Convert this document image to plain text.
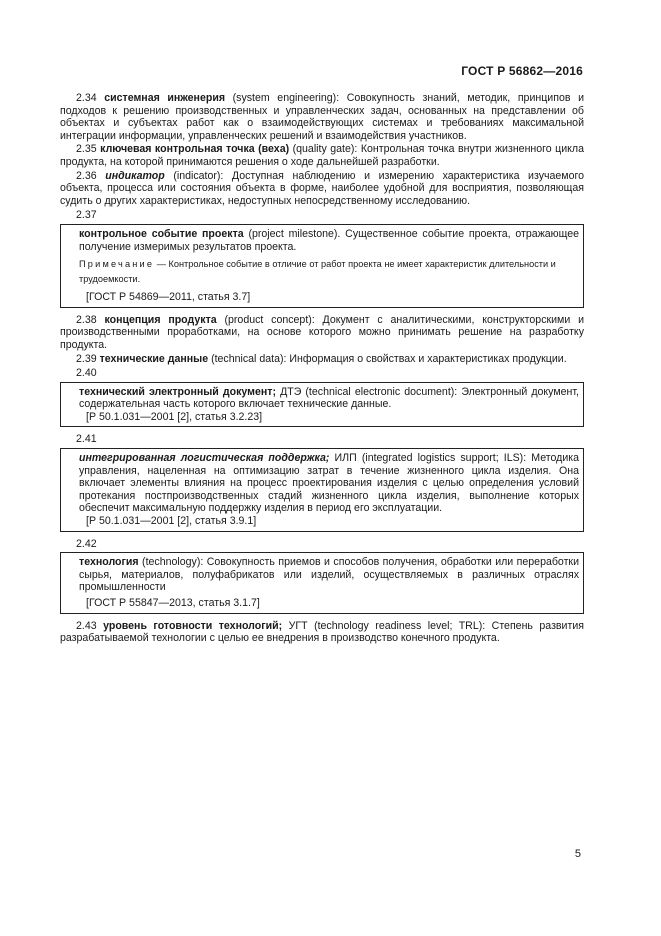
ГОСТ Р 56862—2016

2.34 системная инженерия (system engineering): Совокупность знаний, методик, принципов и подходов к решению производственных и управленческих задач, основанных на представлении об объектах и субъектах работ как о взаимодействующих системах и требованиях максимальной интеграции информации, управленческих решений и взаимодействия участников.

2.35 ключевая контрольная точка (веха) (quality gate): Контрольная точка внутри жизненного цикла продукта, на которой принимаются решения о ходе дальнейшей разработки.

2.36 индикатор (indicator): Доступная наблюдению и измерению характеристика изучаемого объекта, процесса или состояния объекта в форме, наиболее удобной для восприятия, позволяющая судить о других характеристиках, недоступных непосредственному исследованию.

2.37

контрольное событие проекта (project milestone). Существенное событие проекта, отражающее получение измеримых результатов проекта.

Примечание — Контрольное событие в отличие от работ проекта не имеет характеристик длительности и трудоемкости.

[ГОСТ Р 54869—2011, статья 3.7]

2.38 концепция продукта (product concept): Документ с аналитическими, конструкторскими и производственными проработками, на основе которого можно принимать решение на разработку продукта.

2.39 технические данные (technical data): Информация о свойствах и характеристиках продукции.

2.40

технический электронный документ; ДТЭ (technical electronic document): Электронный документ, содержательная часть которого включает технические данные.

[Р 50.1.031—2001 [2], статья 3.2.23]

2.41

интегрированная логистическая поддержка; ИЛП (integrated logistics support; ILS): Методика управления, нацеленная на оптимизацию затрат в течение жизненного цикла изделия. Она включает элементы влияния на процесс проектирования изделия с целью определения условий протекания постпроизводственных стадий жизненного цикла изделия, выполнение которых обеспечит максимальную поддержку изделия в период его эксплуатации.

[Р 50.1.031—2001 [2], статья 3.9.1]

2.42

технология (technology): Совокупность приемов и способов получения, обработки или переработки сырья, материалов, полуфабрикатов или изделий, осуществляемых в различных отраслях промышленности

[ГОСТ Р 55847—2013, статья 3.1.7]

2.43 уровень готовности технологий; УГТ (technology readiness level; TRL): Степень развития разрабатываемой технологии с целью ее внедрения в производство конечного продукта.

5
